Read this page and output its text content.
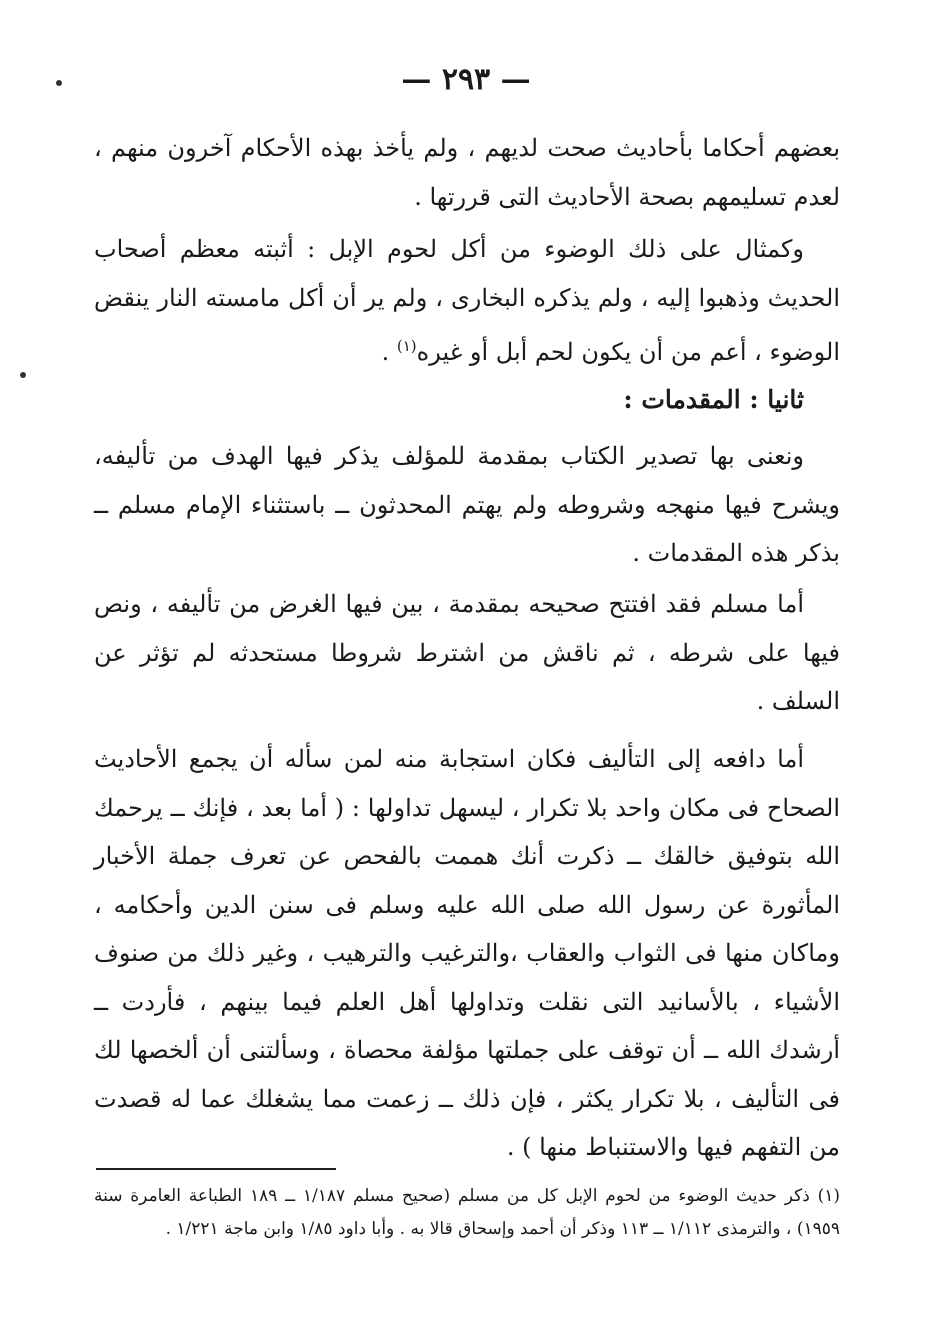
— ٢٩٣ —

بعضهم أحكاما بأحاديث صحت لديهم ، ولم يأخذ بهذه الأحكام آخرون منهم ، لعدم تسليمهم بصحة الأحاديث التى قررتها .

وكمثال على ذلك الوضوء من أكل لحوم الإبل : أثبته معظم أصحاب الحديث وذهبوا إليه ، ولم يذكره البخارى ، ولم ير أن أكل مامسته النار ينقض الوضوء ، أعم من أن يكون لحم أبل أو غيره$^{(١)}$ .

ثانيا : المقدمات :

ونعنى بها تصدير الكتاب بمقدمة للمؤلف يذكر فيها الهدف من تأليفه، ويشرح فيها منهجه وشروطه ولم يهتم المحدثون ــ باستثناء الإمام مسلم ــ بذكر هذه المقدمات .

أما مسلم فقد افتتح صحيحه بمقدمة ، بين فيها الغرض من تأليفه ، ونص فيها على شرطه ، ثم ناقش من اشترط شروطا مستحدثه لم تؤثر عن السلف .

أما دافعه إلى التأليف فكان استجابة منه لمن سأله أن يجمع الأحاديث الصحاح فى مكان واحد بلا تكرار ، ليسهل تداولها : ( أما بعد ، فإنك ــ يرحمك الله بتوفيق خالقك ــ ذكرت أنك هممت بالفحص عن تعرف جملة الأخبار المأثورة عن رسول الله صلى الله عليه وسلم فى سنن الدين وأحكامه ، وماكان منها فى الثواب والعقاب ،والترغيب والترهيب ، وغير ذلك من صنوف الأشياء ، بالأسانيد التى نقلت وتداولها أهل العلم فيما بينهم ، فأردت ــ أرشدك الله ــ أن توقف على جملتها مؤلفة محصاة ، وسألتنى أن ألخصها لك فى التأليف ، بلا تكرار يكثر ، فإن ذلك ــ زعمت مما يشغلك عما له قصدت من التفهم فيها والاستنباط منها ) .

(١) ذكر حديث الوضوء من لحوم الإبل كل من مسلم (صحيح مسلم ١/١٨٧ ــ ١٨٩ الطباعة العامرة سنة ١٩٥٩) ، والترمذى ١/١١٢ ــ ١١٣ وذكر أن أحمد وإسحاق قالا به . وأبا داود ١/٨٥ وابن ماجة ١/٢٢١ .
